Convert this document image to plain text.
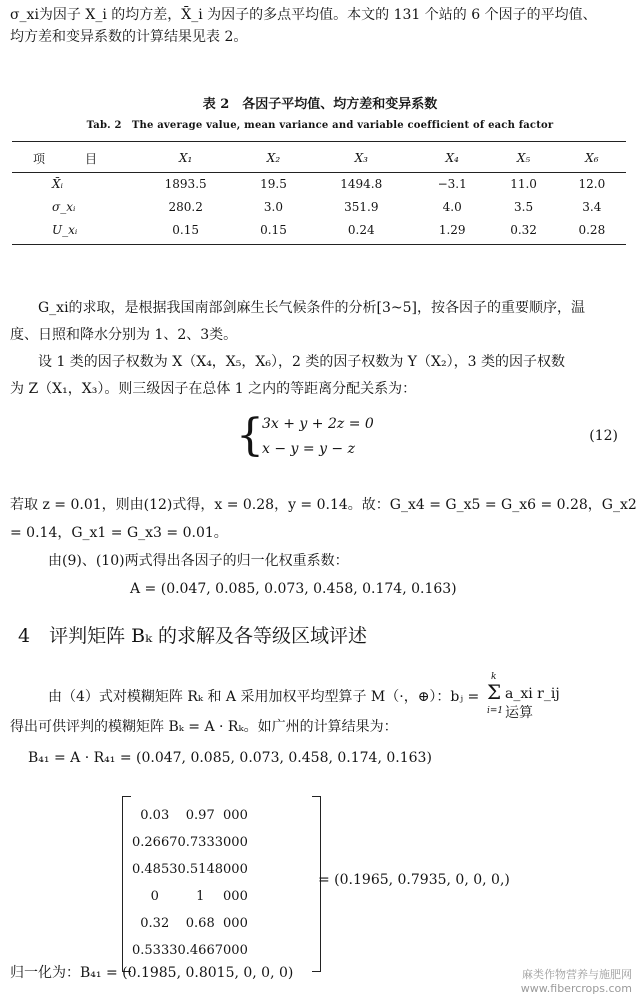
σ_xi为因子 X_i 的均方差，X̄_i 为因子的多点平均值。本文的 131 个站的 6 个因子的平均值、
均方差和变异系数的计算结果见表 2。
表 2　各因子平均值、均方差和变异系数
Tab. 2　The average value, mean variance and variable coefficient of each factor
项　目	X₁	X₂	X₃	X₄	X₅	X₆
X̄ᵢ	1893.5	19.5	1494.8	−3.1	11.0	12.0
σ_xᵢ	280.2	3.0	351.9	4.0	3.5	3.4
U_xᵢ	0.15	0.15	0.24	1.29	0.32	0.28
G_xi的求取，是根据我国南部剑麻生长气候条件的分析[3~5]，按各因子的重要顺序，温
度、日照和降水分别为 1、2、3类。
设 1 类的因子权数为 X（X₄，X₅，X₆），2 类的因子权数为 Y（X₂），3 类的因子权数
为 Z（X₁，X₃）。则三级因子在总体 1 之内的等距离分配关系为：
{
3x + y + 2z = 0
x − y = y − z
(12)
若取 z = 0.01，则由(12)式得，x = 0.28，y = 0.14。故：G_x4 = G_x5 = G_x6 = 0.28，G_x2
= 0.14，G_x1 = G_x3 = 0.01。
由(9)、(10)两式得出各因子的归一化权重系数：
A = (0.047, 0.085, 0.073, 0.458, 0.174, 0.163)
4　评判矩阵 Bₖ 的求解及各等级区域评述
由（4）式对模糊矩阵 Rₖ 和 A 采用加权平均型算子 M（·，⊕）：bⱼ =
得出可供评判的模糊矩阵 Bₖ = A · Rₖ。如广州的计算结果为：
k
Σ
i=1
a_xi r_ij 运算
B₄₁ = A · R₄₁ = (0.047, 0.085, 0.073, 0.458, 0.174, 0.163)
0.03	0.97	0	0	0
0.2667	0.7333	0	0	0
0.4853	0.5148	0	0	0
0	1	0	0	0
0.32	0.68	0	0	0
0.5333	0.4667	0	0	0
= (0.1965, 0.7935, 0, 0, 0,)
归一化为：B₄₁ = (0.1985, 0.8015, 0, 0, 0)	麻类作物营养与施肥网
www.fibercrops.com
